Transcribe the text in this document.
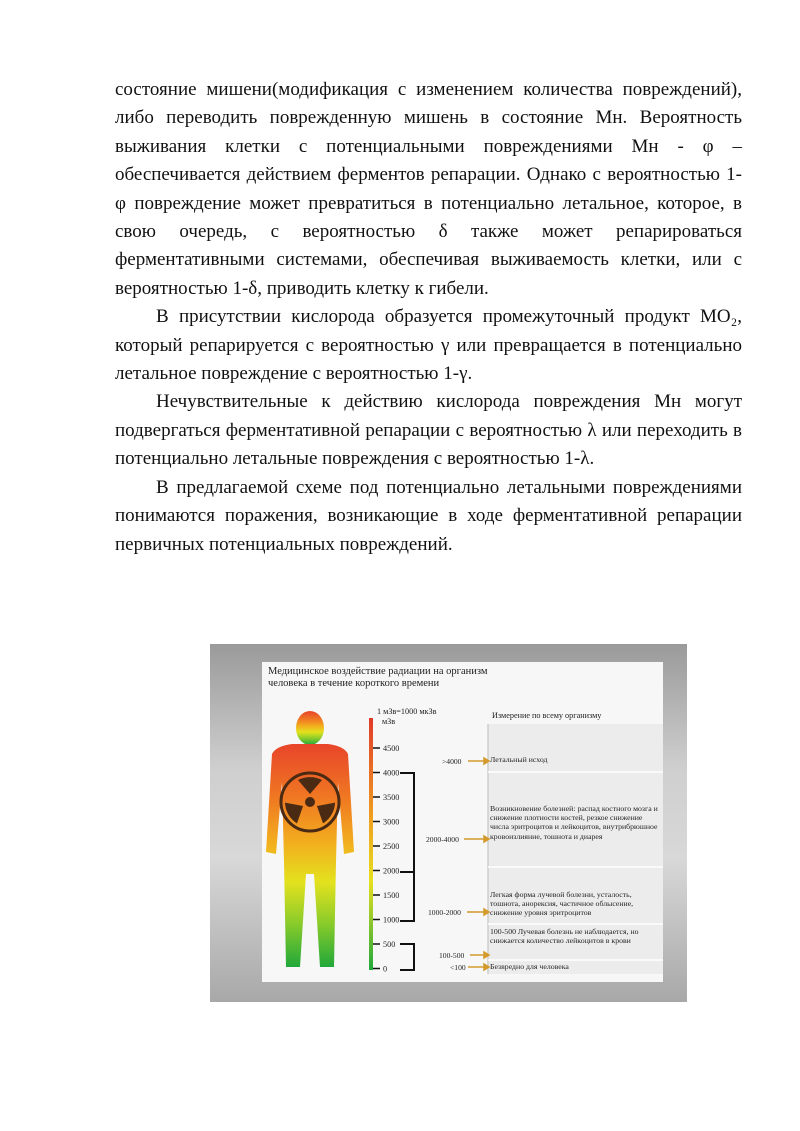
состояние мишени(модификация с изменением количества повреждений), либо переводить поврежденную мишень в состояние Мн. Вероятность выживания клетки с потенциальными повреждениями Мн - φ – обеспечивается действием ферментов репарации. Однако с вероятностью 1-φ повреждение может превратиться в потенциально летальное, которое, в свою очередь, с вероятностью δ также может репарироваться ферментативными системами, обеспечивая выживаемость клетки, или с вероятностью 1-δ, приводить клетку к гибели.

В присутствии кислорода образуется промежуточный продукт МО₂, который репарируется с вероятностью γ или превращается в потенциально летальное повреждение с вероятностью 1-γ.

Нечувствительные к действию кислорода повреждения Мн могут подвергаться ферментативной репарации с вероятностью λ или переходить в потенциально летальные повреждения с вероятностью 1-λ.

В предлагаемой схеме под потенциально летальными повреждениями понимаются поражения, возникающие в ходе ферментативной репарации первичных потенциальных повреждений.

Медицинское воздействие радиации на организм
человека в течение короткого времени
1 мЗв=1000 мкЗв
мЗв
4500
4000
3500
3000
2500
2000
1500
1000
500
0
Измерение по всему организму
>4000
2000-4000
1000-2000
100-500
<100
Летальный исход
Возникновение болезней: распад костного мозга и снижение плотности костей, резкое снижение числа эритроцитов и лейкоцитов, внутрибрюшное кровоизлияние, тошнота и диарея
Легкая форма лучевой болезни, усталость, тошнота, анорексия, частичное облысение, снижение уровня эритроцитов
100-500 Лучевая болезнь не наблюдается, но снижается количество лейкоцитов в крови
Безвредно для человека
